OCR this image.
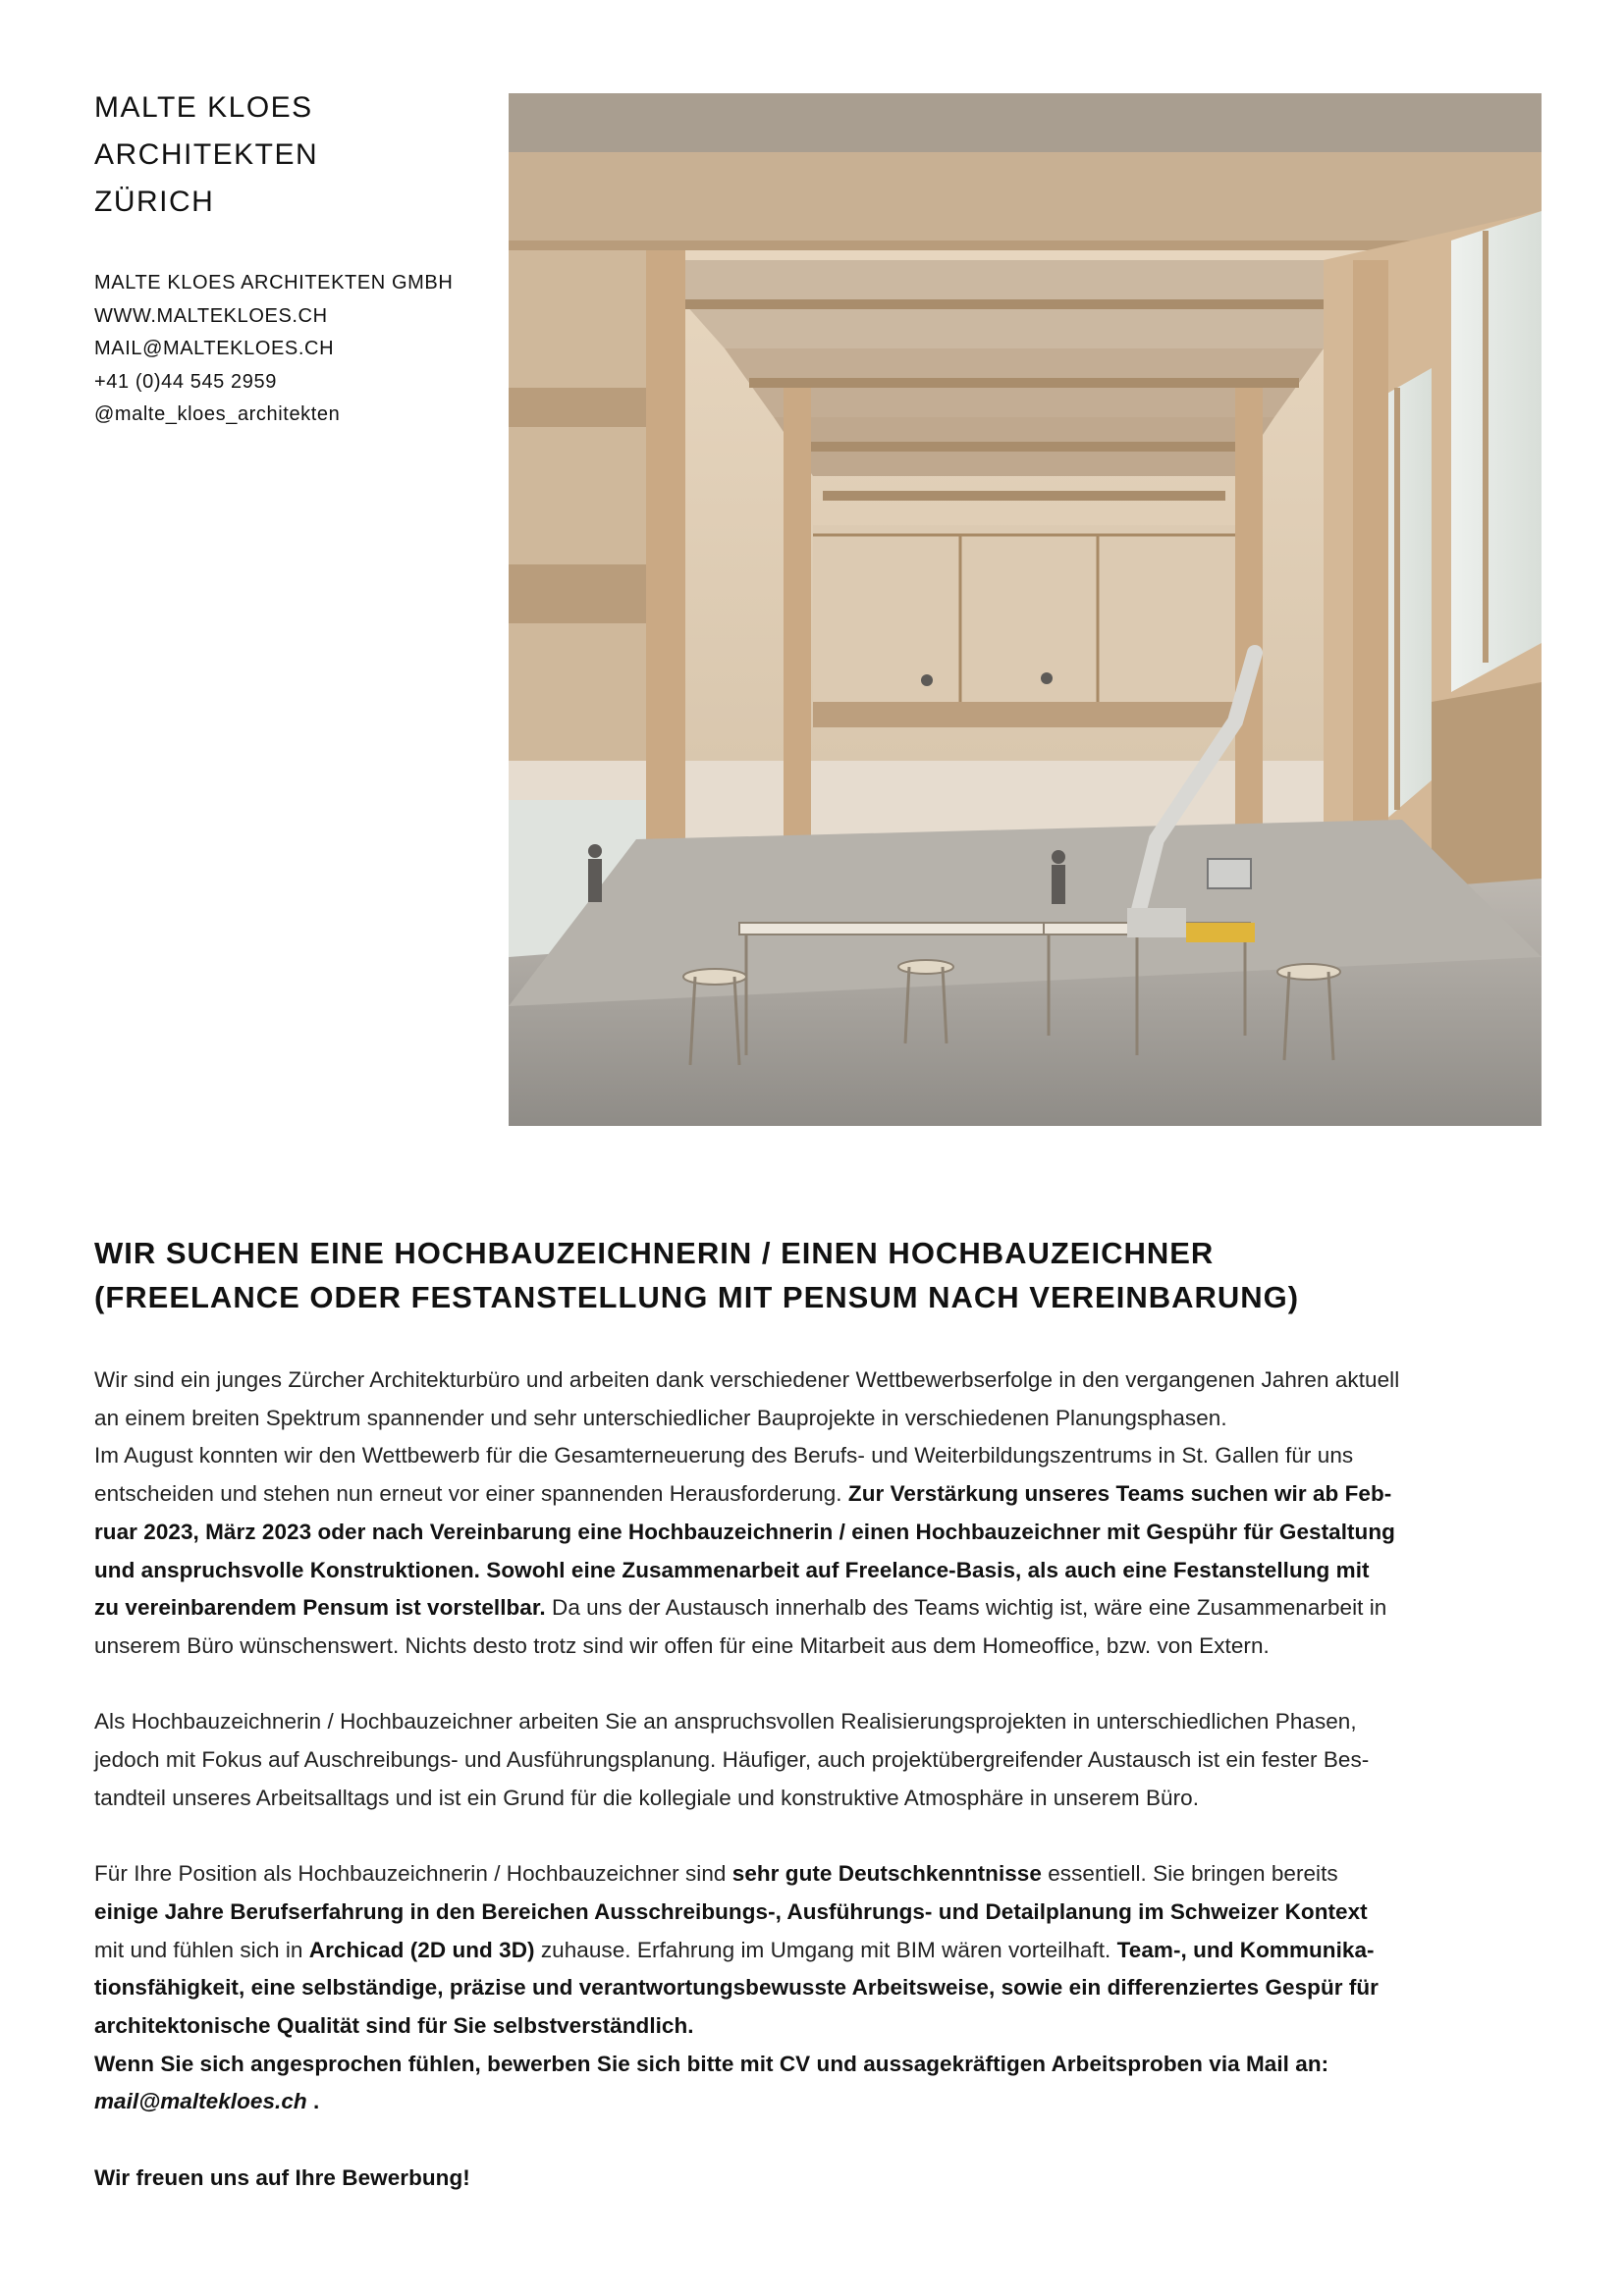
MALTE KLOES
ARCHITEKTEN
ZÜRICH
MALTE KLOES ARCHITEKTEN GMBH
WWW.MALTEKLOES.CH
MAIL@MALTEKLOES.CH
+41 (0)44 545 2959
@malte_kloes_architekten
WIR SUCHEN EINE HOCHBAUZEICHNERIN / EINEN HOCHBAUZEICHNER
(FREELANCE ODER FESTANSTELLUNG MIT PENSUM NACH VEREINBARUNG)

Wir sind ein junges Zürcher Architekturbüro und arbeiten dank verschiedener Wettbewerbserfolge in den vergangenen Jahren aktuell
an einem breiten Spektrum spannender und sehr unterschiedlicher Bauprojekte in verschiedenen Planungsphasen.
Im August konnten wir den Wettbewerb für die Gesamterneuerung des Berufs- und Weiterbildungszentrums in St. Gallen für uns
entscheiden und stehen nun erneut vor einer spannenden Herausforderung. Zur Verstärkung unseres Teams suchen wir ab Feb-
ruar 2023, März 2023 oder nach Vereinbarung eine Hochbauzeichnerin / einen Hochbauzeichner mit Gespühr für Gestaltung
und anspruchsvolle Konstruktionen. Sowohl eine Zusammenarbeit auf Freelance-Basis, als auch eine Festanstellung mit
zu vereinbarendem Pensum ist vorstellbar. Da uns der Austausch innerhalb des Teams wichtig ist, wäre eine Zusammenarbeit in
unserem Büro wünschenswert. Nichts desto trotz sind wir offen für eine Mitarbeit aus dem Homeoffice, bzw. von Extern.

Als Hochbauzeichnerin / Hochbauzeichner arbeiten Sie an anspruchsvollen Realisierungsprojekten in unterschiedlichen Phasen,
jedoch mit Fokus auf Auschreibungs- und Ausführungsplanung. Häufiger, auch projektübergreifender Austausch ist ein fester Bes-
tandteil unseres Arbeitsalltags und ist ein Grund für die kollegiale und konstruktive Atmosphäre in unserem Büro.

Für Ihre Position als Hochbauzeichnerin / Hochbauzeichner sind sehr gute Deutschkenntnisse essentiell. Sie bringen bereits
einige Jahre Berufserfahrung in den Bereichen Ausschreibungs-, Ausführungs- und Detailplanung im Schweizer Kontext
mit und fühlen sich in Archicad (2D und 3D) zuhause. Erfahrung im Umgang mit BIM wären vorteilhaft. Team-, und Kommunika-
tionsfähigkeit, eine selbständige, präzise und verantwortungsbewusste Arbeitsweise, sowie ein differenziertes Gespür für
architektonische Qualität sind für Sie selbstverständlich.
Wenn Sie sich angesprochen fühlen, bewerben Sie sich bitte mit CV und aussagekräftigen Arbeitsproben via Mail an:
mail@maltekloes.ch .

Wir freuen uns auf Ihre Bewerbung!
